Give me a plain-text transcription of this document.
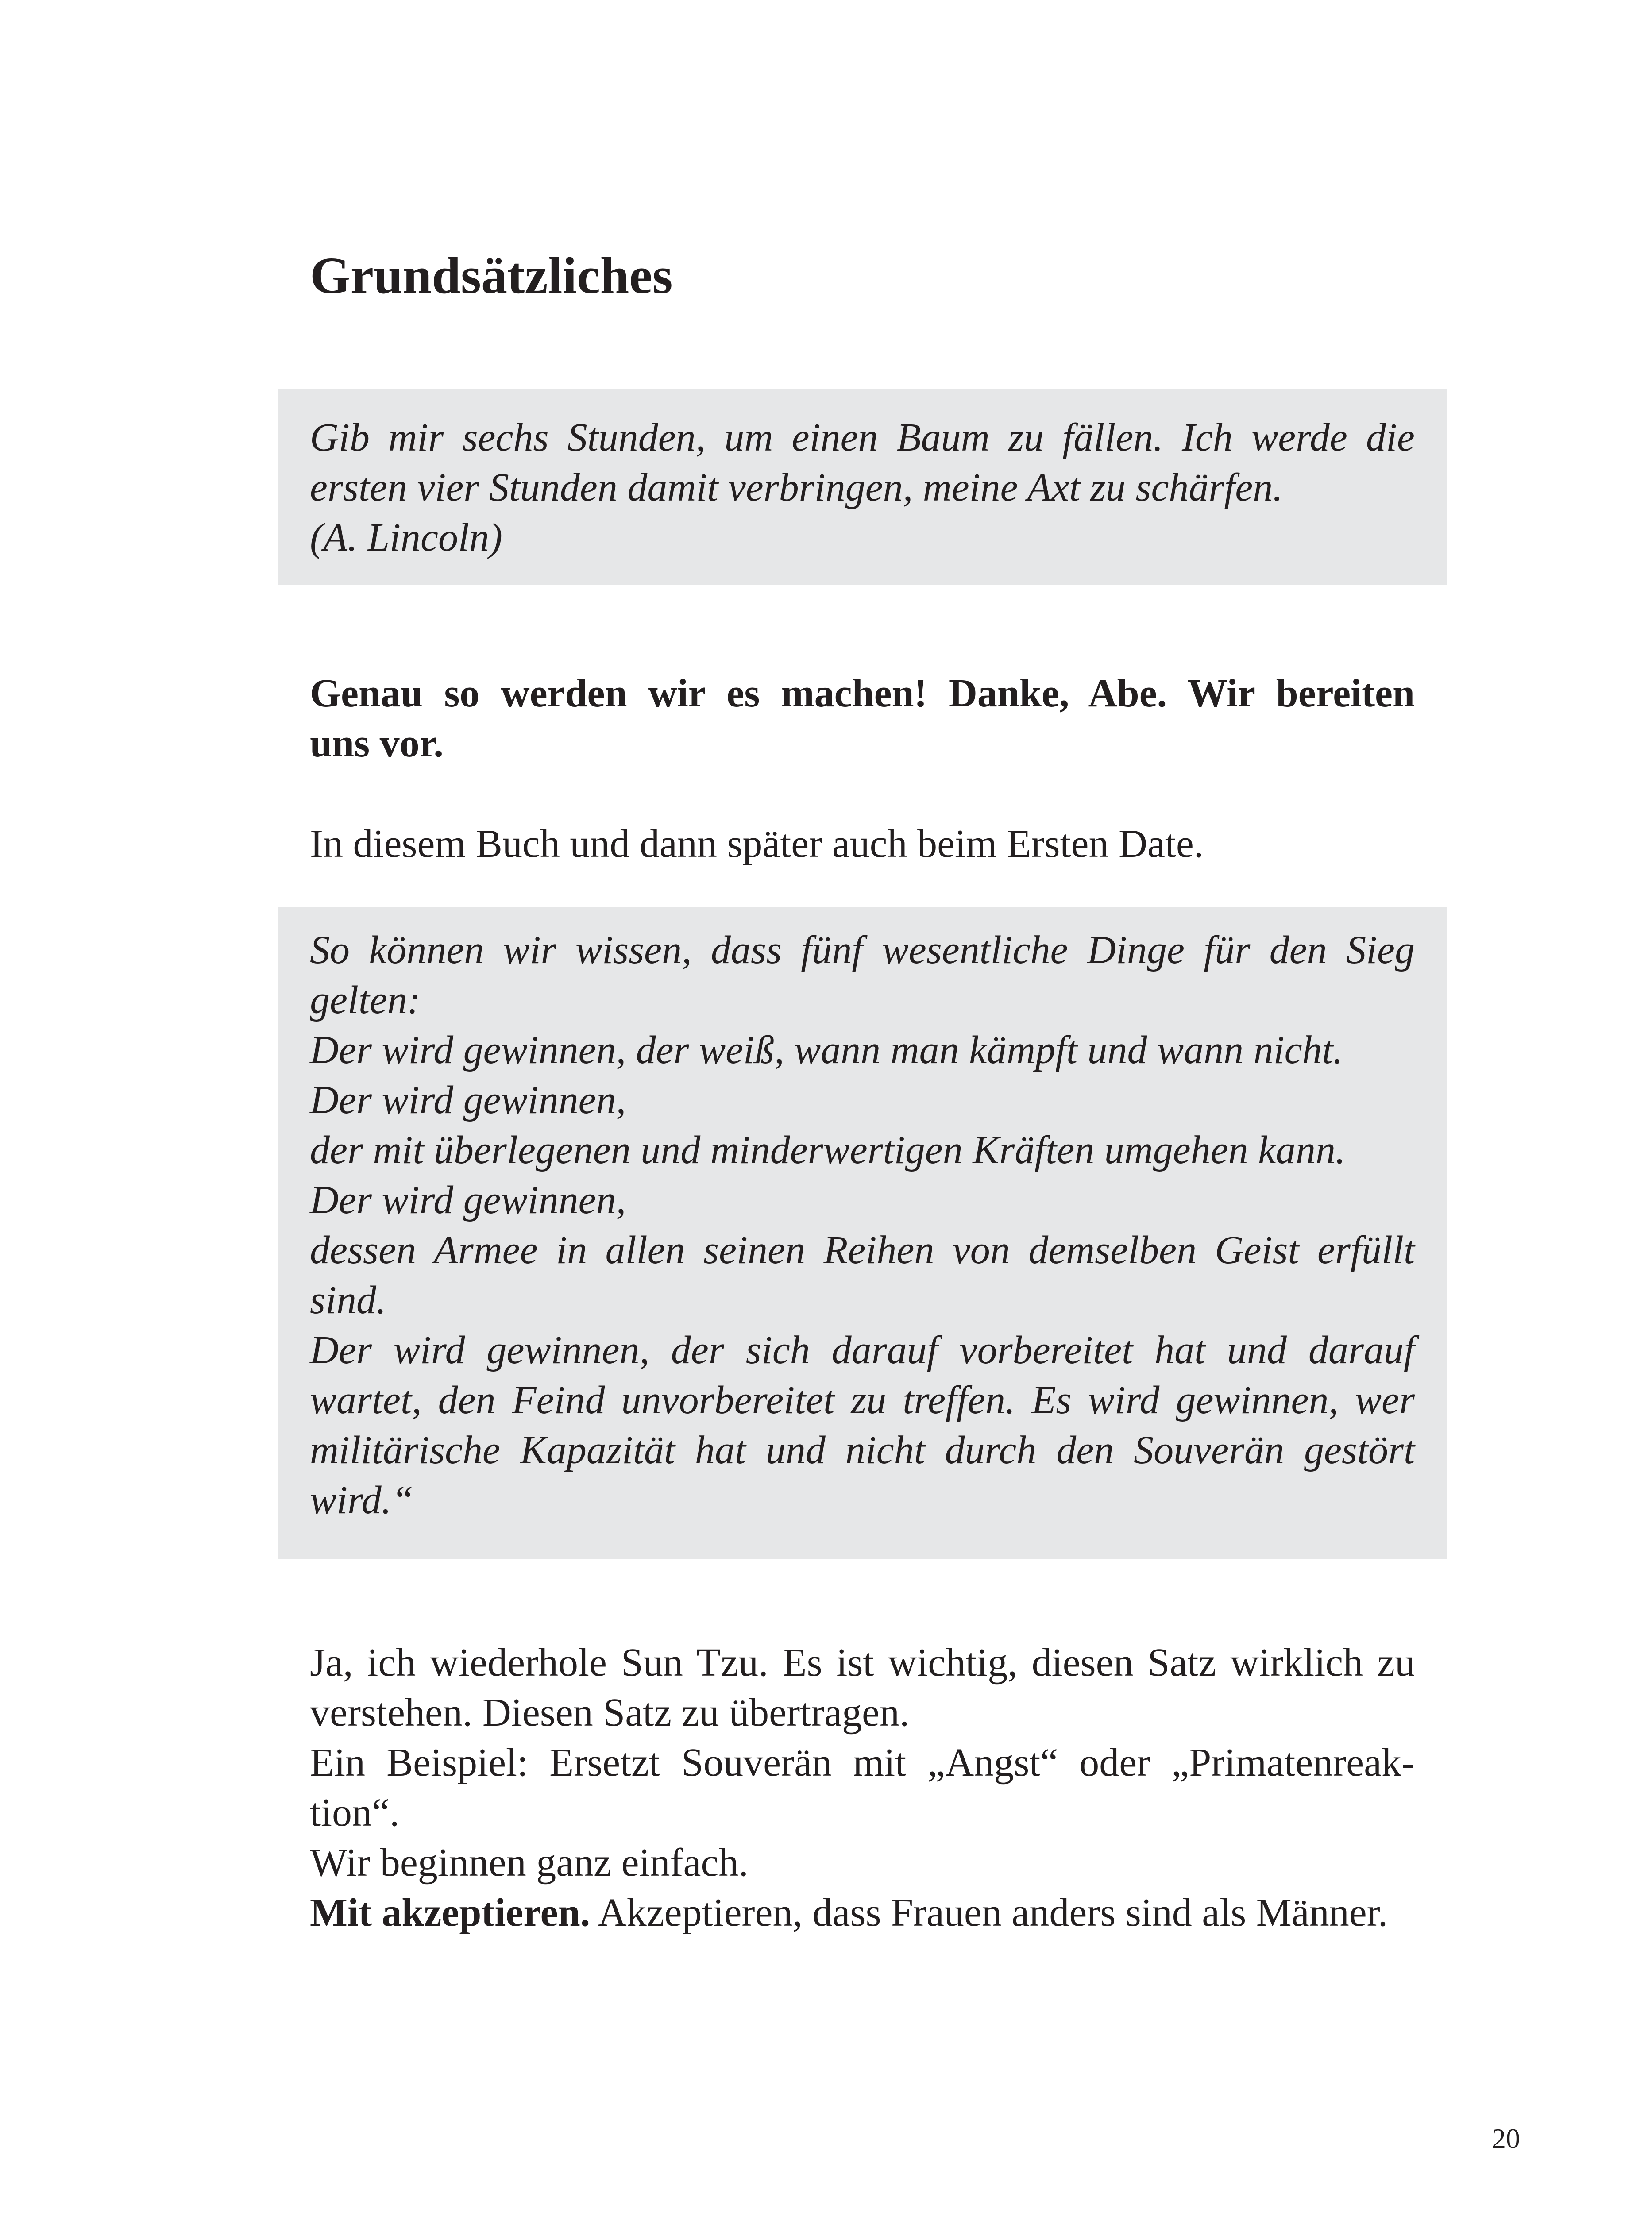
Grundsätzliches
Gib mir sechs Stunden, um einen Baum zu fällen. Ich werde die
ersten vier Stunden damit verbringen, meine Axt zu schärfen.
(A. Lincoln)
Genau so werden wir es machen! Danke, Abe. Wir bereiten
uns vor.
In diesem Buch und dann später auch beim Ersten Date.
So können wir wissen, dass fünf wesentliche Dinge für den Sieg
gelten:
Der wird gewinnen, der weiß, wann man kämpft und wann nicht.
Der wird gewinnen,
der mit überlegenen und minderwertigen Kräften umgehen kann.
Der wird gewinnen,
dessen Armee in allen seinen Reihen von demselben Geist erfüllt
sind.
Der wird gewinnen, der sich darauf vorbereitet hat und darauf
wartet, den Feind unvorbereitet zu treffen. Es wird gewinnen, wer
militärische Kapazität hat und nicht durch den Souverän gestört
wird.“
Ja, ich wiederhole Sun Tzu. Es ist wichtig, diesen Satz wirklich zu
verstehen. Diesen Satz zu übertragen.
Ein Beispiel: Ersetzt Souverän mit „Angst“ oder „Primatenreak-
tion“.
Wir beginnen ganz einfach.
Mit akzeptieren. Akzeptieren, dass Frauen anders sind als Männer.
20
